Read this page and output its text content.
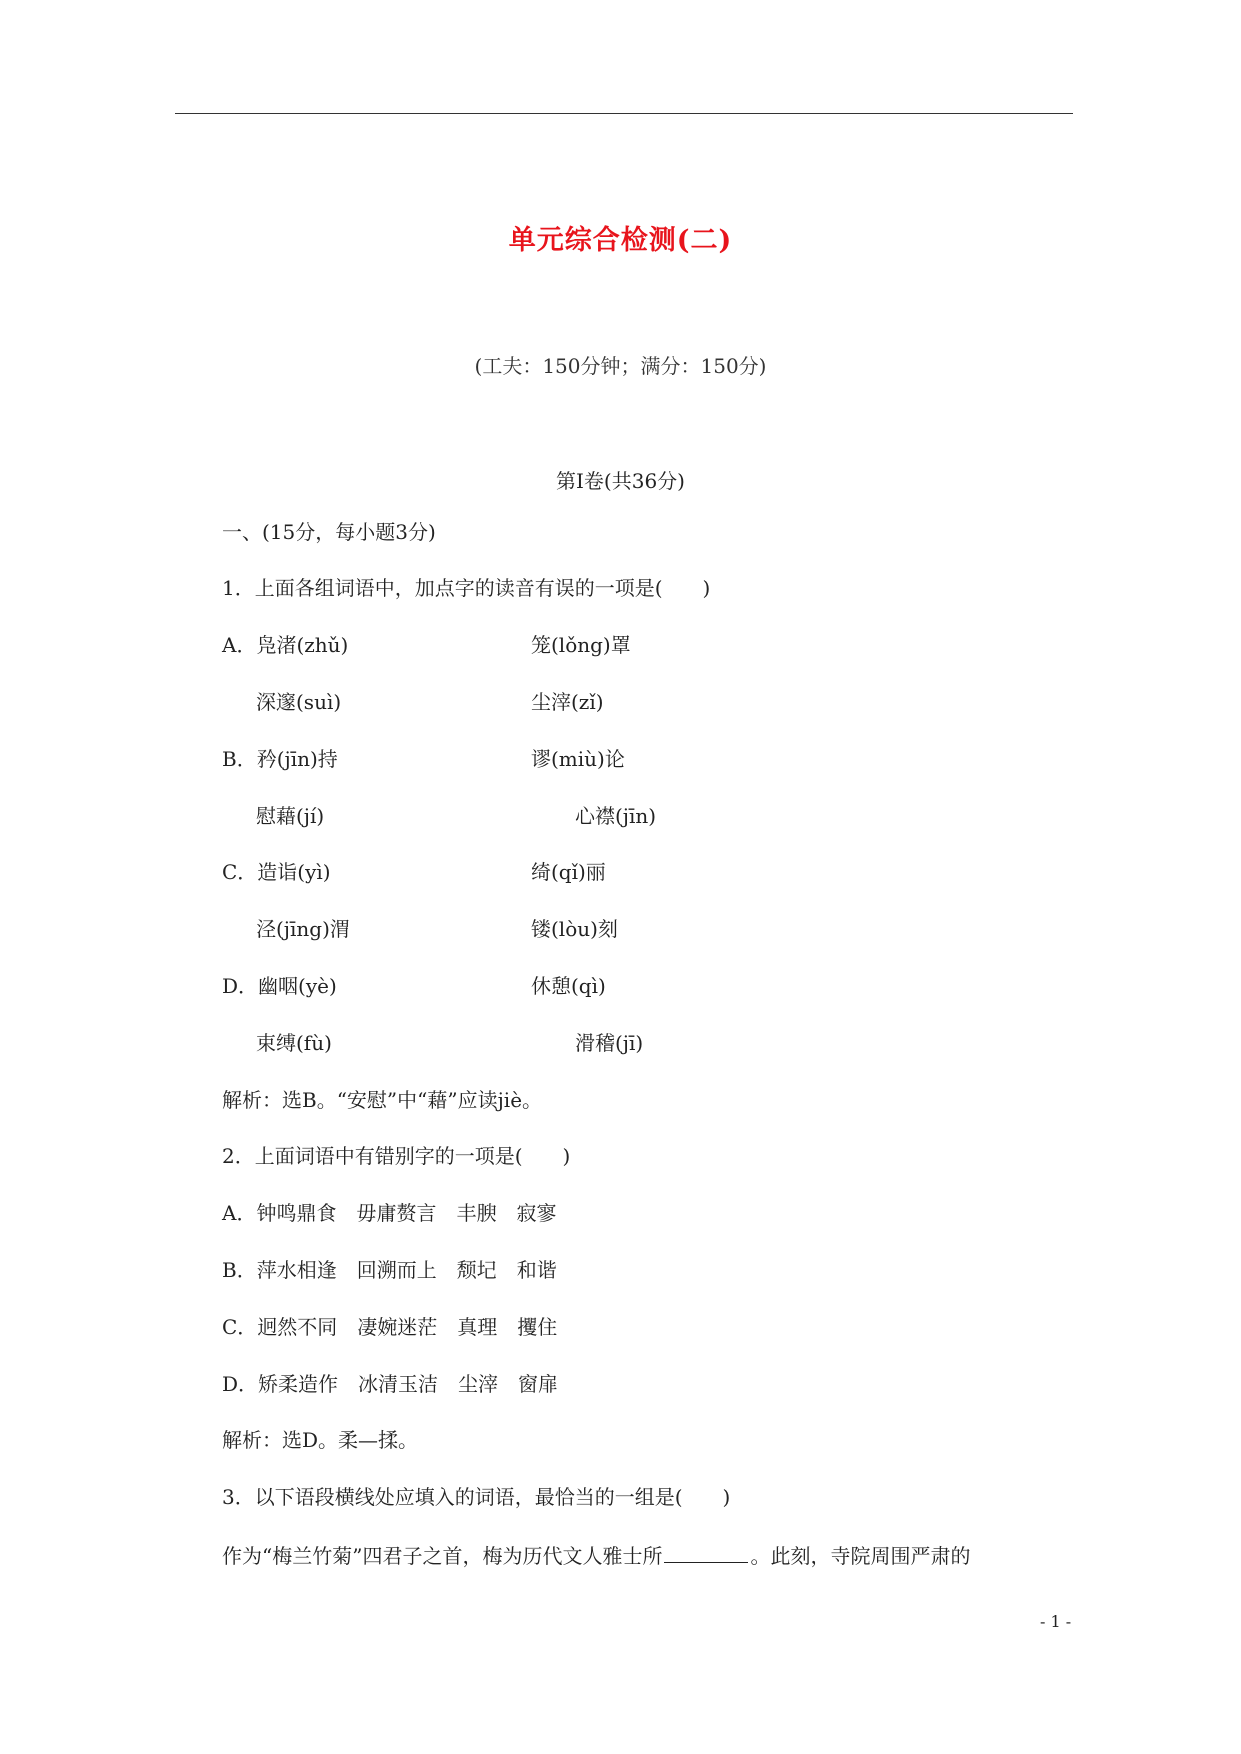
单元综合检测(二)
(工夫：150分钟；满分：150分)
第Ⅰ卷(共36分)
一、(15分，每小题3分)
1．上面各组词语中，加点字的读音有误的一项是(　　)
A．凫渚(zhǔ)	笼(lǒng)罩
深邃(suì)	尘滓(zǐ)
B．矜(jīn)持	谬(miù)论
慰藉(jí)	心襟(jīn)
C．造诣(yì)	绮(qǐ)丽
泾(jīng)渭	镂(lòu)刻
D．幽咽(yè)	休憩(qì)
束缚(fù)	滑稽(jī)
解析：选B。“安慰”中“藉”应读jiè。
2．上面词语中有错别字的一项是(　　)
A．钟鸣鼎食　毋庸赘言　丰腴　寂寥
B．萍水相逢　回溯而上　颓圮　和谐
C．迥然不同　凄婉迷茫　真理　攫住
D．矫柔造作　冰清玉洁　尘滓　窗扉
解析：选D。柔—揉。
3．以下语段横线处应填入的词语，最恰当的一组是(　　)
作为“梅兰竹菊”四君子之首，梅为历代文人雅士所	。此刻，寺院周围严肃的
- 1 -
